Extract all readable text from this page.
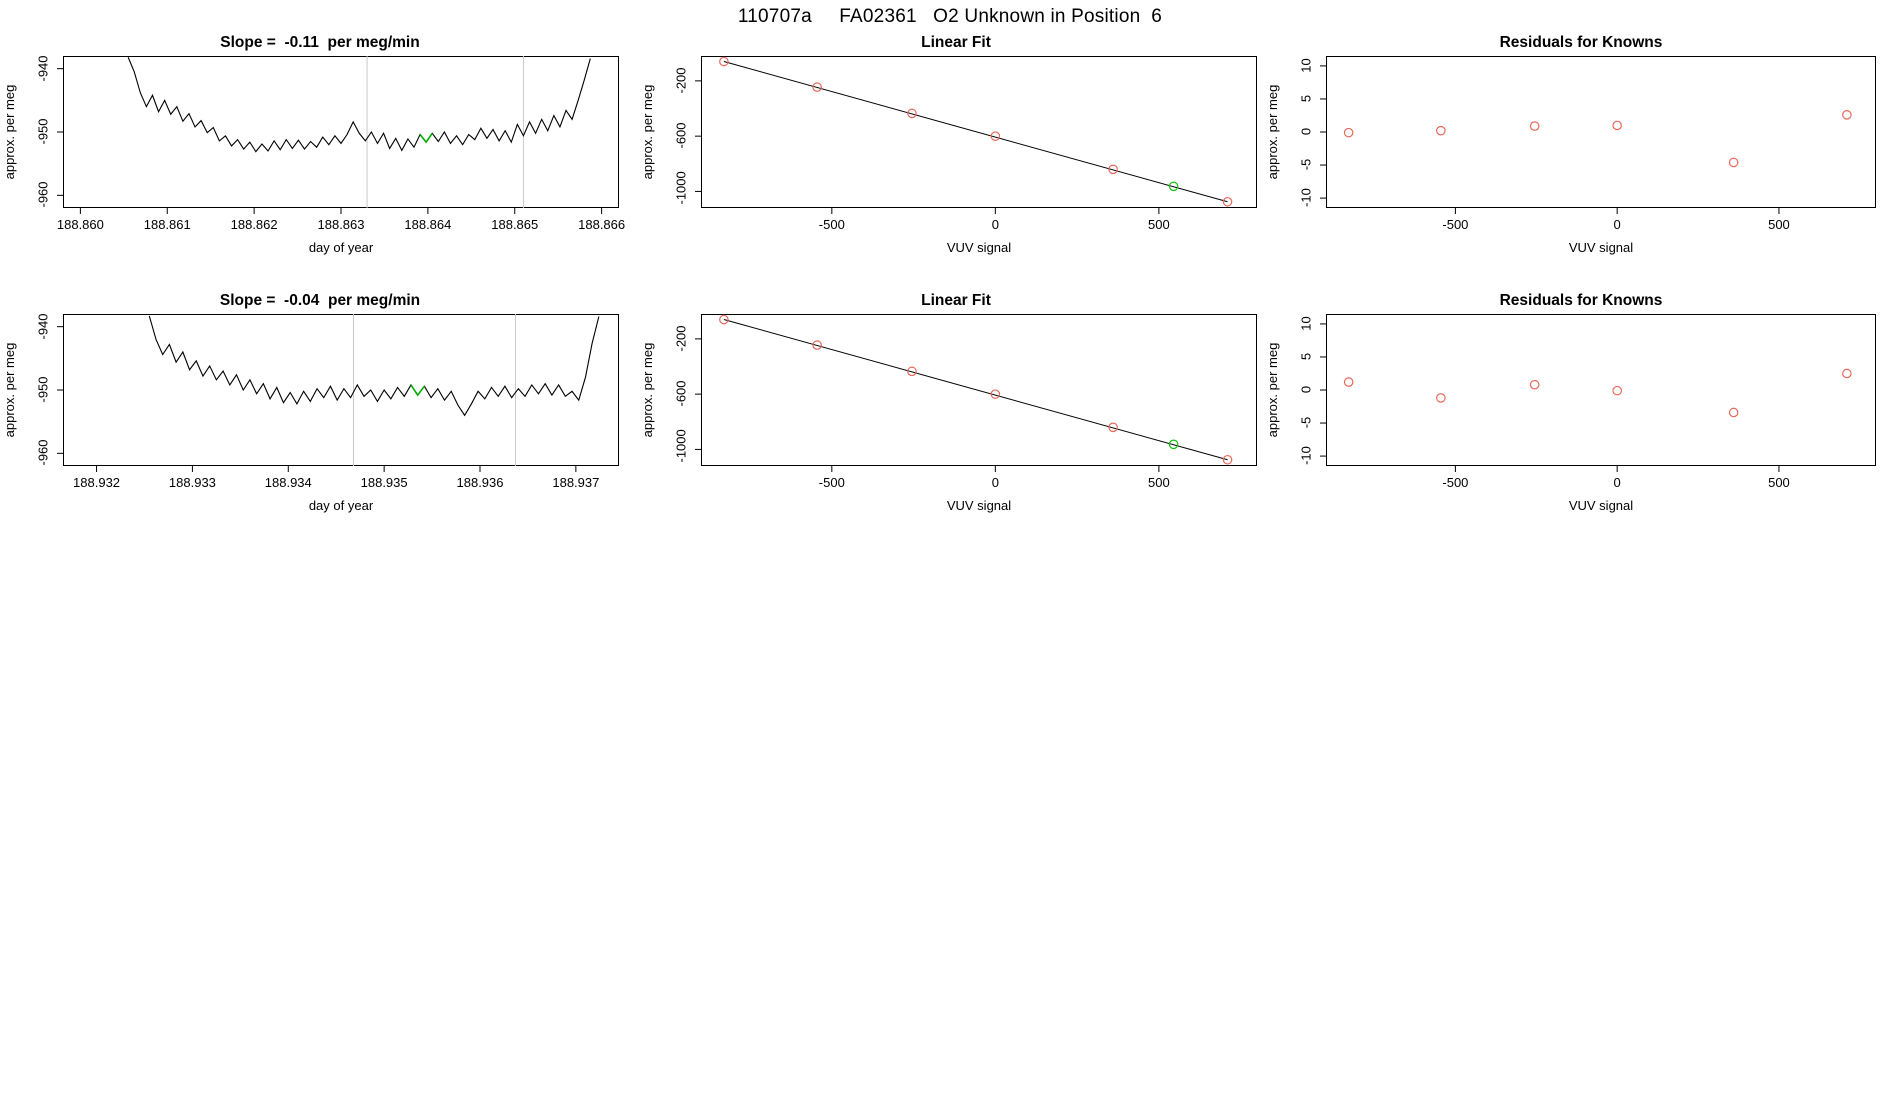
110707a     FA02361   O2 Unknown in Position  6
Slope =  -0.11  per meg/min
188.860	188.861	188.862	188.863	188.864	188.865	188.866
-960
-950
-940
day of year
approx. per meg
Linear Fit
-500	0	500
-1000
-600
-200
VUV signal
approx. per meg
Residuals for Knowns
-500	0	500
-10
-5
0
5
10
VUV signal
approx. per meg
Slope =  -0.04  per meg/min
188.932	188.933	188.934	188.935	188.936	188.937
-960
-950
-940
day of year
approx. per meg
Linear Fit
-500	0	500
-1000
-600
-200
VUV signal
approx. per meg
Residuals for Knowns
-500	0	500
-10
-5
0
5
10
VUV signal
approx. per meg
